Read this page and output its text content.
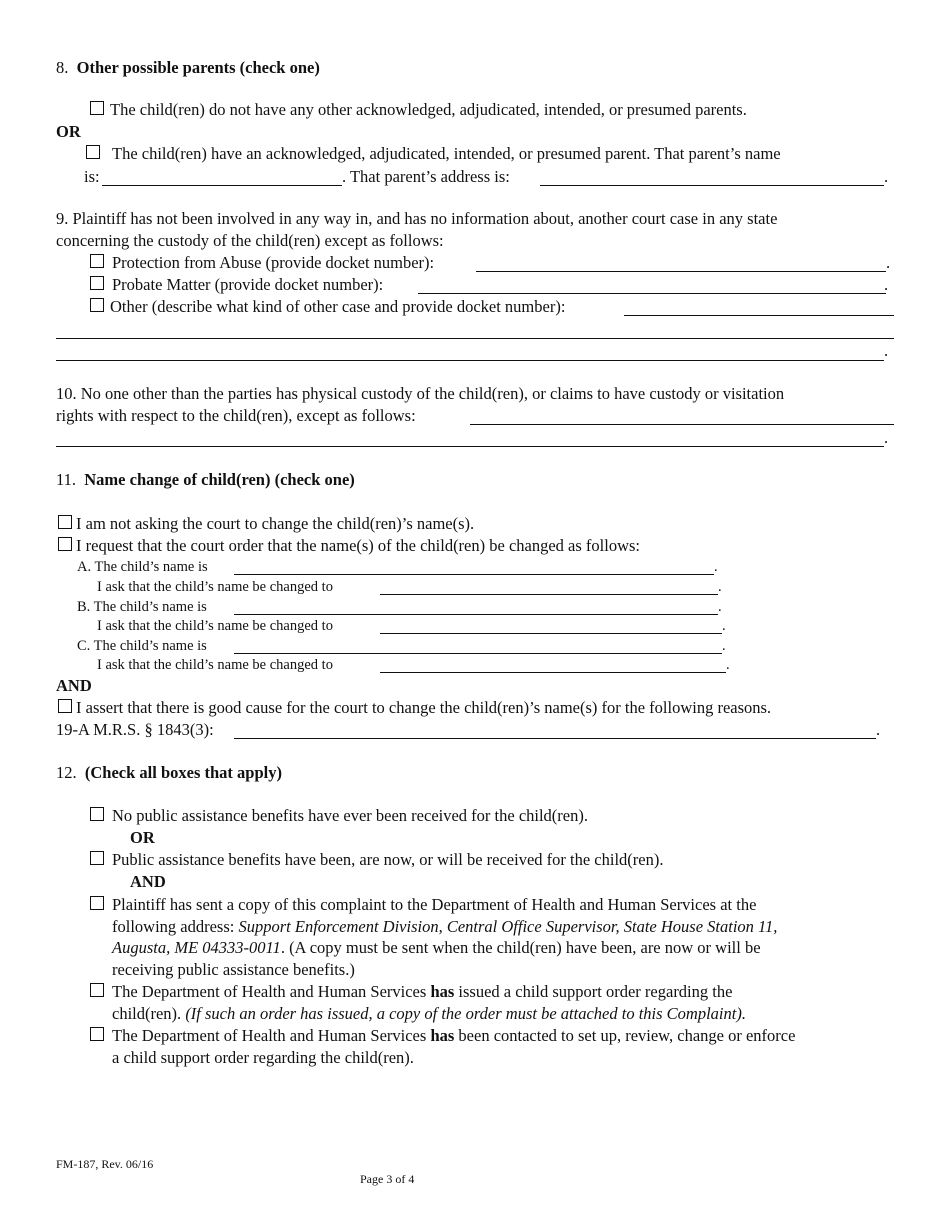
8. Other possible parents (check one)
The child(ren) do not have any other acknowledged, adjudicated, intended, or presumed parents.
OR
The child(ren) have an acknowledged, adjudicated, intended, or presumed parent. That parent’s name
is:	. That parent’s address is:	.
9. Plaintiff has not been involved in any way in, and has no information about, another court case in any state
concerning the custody of the child(ren) except as follows:
Protection from Abuse (provide docket number):	.
Probate Matter (provide docket number):	.
Other (describe what kind of other case and provide docket number):
.
10. No one other than the parties has physical custody of the child(ren), or claims to have custody or visitation
rights with respect to the child(ren), except as follows:
.
11. Name change of child(ren) (check one)
I am not asking the court to change the child(ren)’s name(s).
I request that the court order that the name(s) of the child(ren) be changed as follows:
A. The child’s name is	.
I ask that the child’s name be changed to	.
B. The child’s name is	.
I ask that the child’s name be changed to	.
C. The child’s name is	.
I ask that the child’s name be changed to	.
AND
I assert that there is good cause for the court to change the child(ren)’s name(s) for the following reasons.
19-A M.R.S. § 1843(3):	.
12. (Check all boxes that apply)
No public assistance benefits have ever been received for the child(ren).
OR
Public assistance benefits have been, are now, or will be received for the child(ren).
AND
Plaintiff has sent a copy of this complaint to the Department of Health and Human Services at the
following address: Support Enforcement Division, Central Office Supervisor, State House Station 11,
Augusta, ME 04333-0011. (A copy must be sent when the child(ren) have been, are now or will be
receiving public assistance benefits.)
The Department of Health and Human Services has issued a child support order regarding the
child(ren). (If such an order has issued, a copy of the order must be attached to this Complaint).
The Department of Health and Human Services has been contacted to set up, review, change or enforce
a child support order regarding the child(ren).
FM-187, Rev. 06/16
Page 3 of 4
